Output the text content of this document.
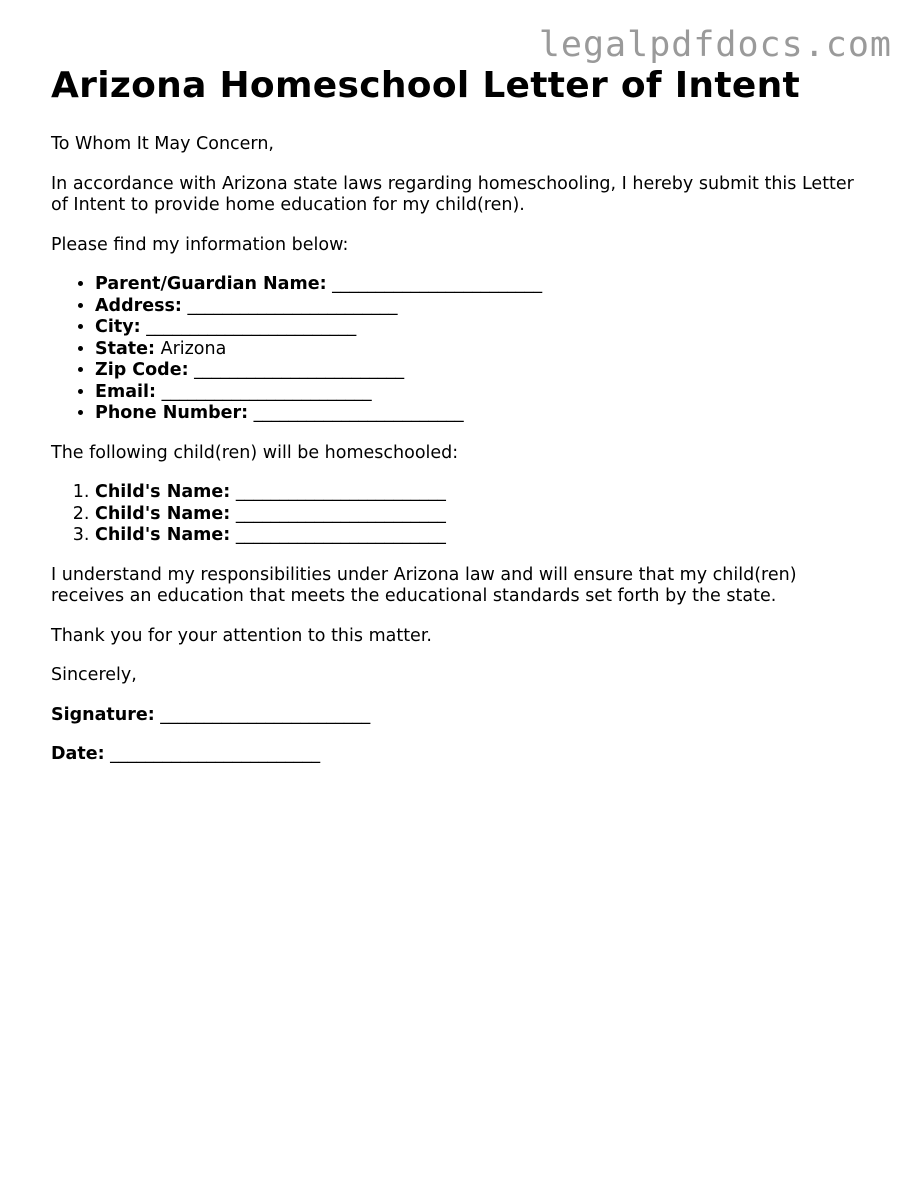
legalpdfdocs.com
Arizona Homeschool Letter of Intent

To Whom It May Concern,

In accordance with Arizona state laws regarding homeschooling, I hereby submit this Letter of Intent to provide home education for my child(ren).

Please find my information below:

• Parent/Guardian Name: ________________________
• Address: ________________________
• City: ________________________
• State: Arizona
• Zip Code: ________________________
• Email: ________________________
• Phone Number: ________________________

The following child(ren) will be homeschooled:

1. Child's Name: ________________________
2. Child's Name: ________________________
3. Child's Name: ________________________

I understand my responsibilities under Arizona law and will ensure that my child(ren) receives an education that meets the educational standards set forth by the state.

Thank you for your attention to this matter.

Sincerely,

Signature: ________________________

Date: ________________________
